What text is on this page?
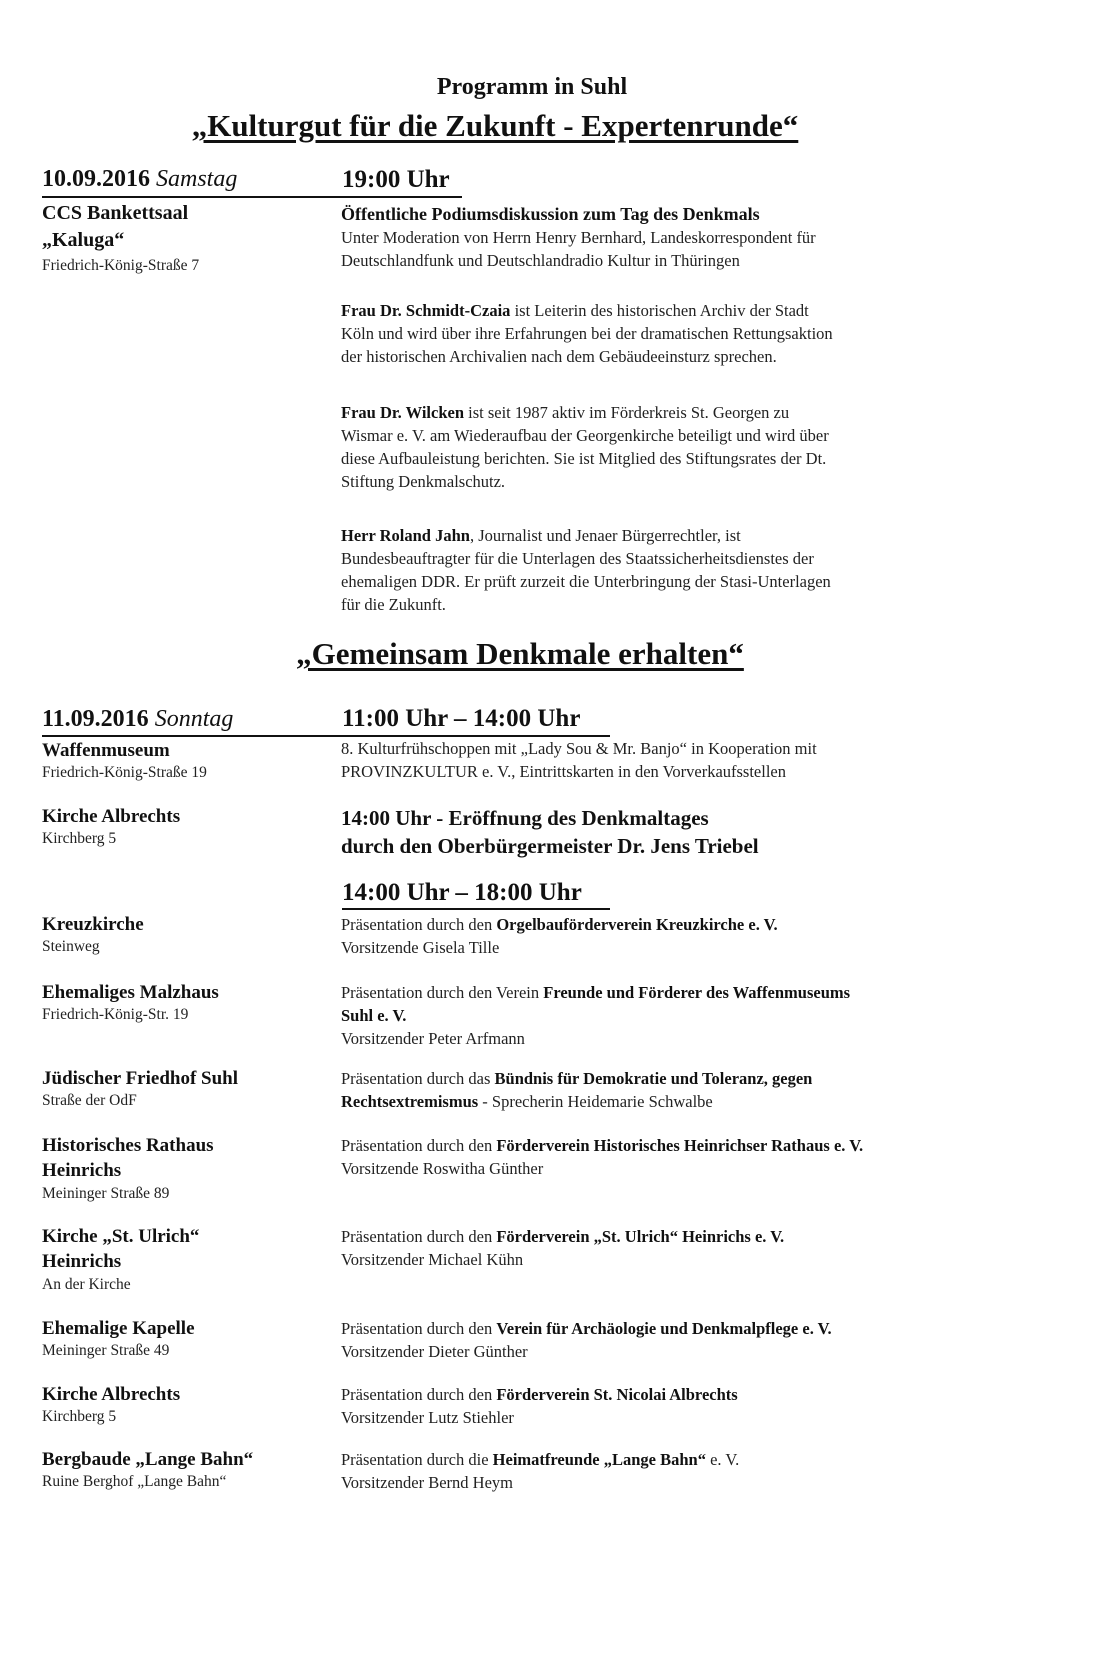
Programm in Suhl
„Kulturgut für die Zukunft - Expertenrunde“
10.09.2016 Samstag	19:00 Uhr
CCS Bankettsaal
„Kaluga“
Friedrich-König-Straße 7
Öffentliche Podiumsdiskussion zum Tag des Denkmals
Unter Moderation von Herrn Henry Bernhard, Landeskorrespondent für
Deutschlandfunk und Deutschlandradio Kultur in Thüringen
Frau Dr. Schmidt-Czaia ist Leiterin des historischen Archiv der Stadt
Köln und wird über ihre Erfahrungen bei der dramatischen Rettungsaktion
der historischen Archivalien nach dem Gebäudeeinsturz sprechen.
Frau Dr. Wilcken ist seit 1987 aktiv im Förderkreis St. Georgen zu
Wismar e. V. am Wiederaufbau der Georgenkirche beteiligt und wird über
diese Aufbauleistung berichten. Sie ist Mitglied des Stiftungsrates der Dt.
Stiftung Denkmalschutz.
Herr Roland Jahn, Journalist und Jenaer Bürgerrechtler, ist
Bundesbeauftragter für die Unterlagen des Staatssicherheitsdienstes der
ehemaligen DDR. Er prüft zurzeit die Unterbringung der Stasi-Unterlagen
für die Zukunft.
„Gemeinsam Denkmale erhalten“
11.09.2016 Sonntag	11:00 Uhr – 14:00 Uhr
Waffenmuseum
Friedrich-König-Straße 19
8. Kulturfrühschoppen mit „Lady Sou & Mr. Banjo“ in Kooperation mit
PROVINZKULTUR e. V., Eintrittskarten in den Vorverkaufsstellen
Kirche Albrechts
Kirchberg 5
14:00 Uhr - Eröffnung des Denkmaltages
durch den Oberbürgermeister Dr. Jens Triebel
14:00 Uhr – 18:00 Uhr
Kreuzkirche
Steinweg
Präsentation durch den Orgelbauförderverein Kreuzkirche e. V.
Vorsitzende Gisela Tille
Ehemaliges Malzhaus
Friedrich-König-Str. 19
Präsentation durch den Verein Freunde und Förderer des Waffenmuseums
Suhl e. V.
Vorsitzender Peter Arfmann
Jüdischer Friedhof Suhl
Straße der OdF
Präsentation durch das Bündnis für Demokratie und Toleranz, gegen
Rechtsextremismus - Sprecherin Heidemarie Schwalbe
Historisches Rathaus
Heinrichs
Meininger Straße 89
Präsentation durch den Förderverein Historisches Heinrichser Rathaus e. V.
Vorsitzende Roswitha Günther
Kirche „St. Ulrich“
Heinrichs
An der Kirche
Präsentation durch den Förderverein „St. Ulrich“ Heinrichs e. V.
Vorsitzender Michael Kühn
Ehemalige Kapelle
Meininger Straße 49
Präsentation durch den Verein für Archäologie und Denkmalpflege e. V.
Vorsitzender Dieter Günther
Kirche Albrechts
Kirchberg 5
Präsentation durch den Förderverein St. Nicolai Albrechts
Vorsitzender Lutz Stiehler
Bergbaude „Lange Bahn“
Ruine Berghof „Lange Bahn“
Präsentation durch die Heimatfreunde „Lange Bahn“ e. V.
Vorsitzender Bernd Heym
